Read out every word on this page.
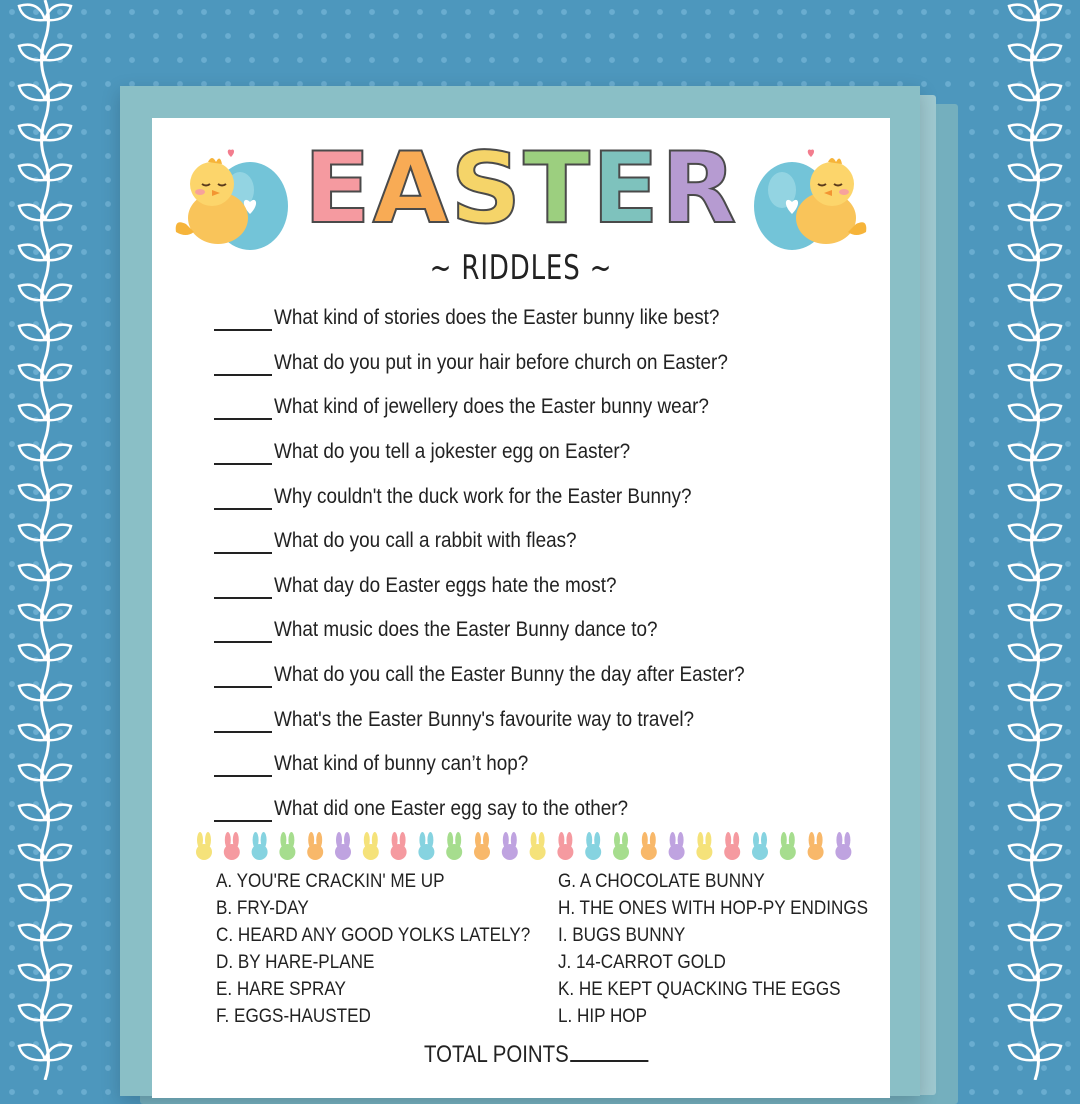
EASTER
~ RIDDLES ~
What kind of stories does the Easter bunny like best?
What do you put in your hair before church on Easter?
What kind of jewellery does the Easter bunny wear?
What do you tell a jokester egg on Easter?
Why couldn't the duck work for the Easter Bunny?
What do you call a rabbit with fleas?
What day do Easter eggs hate the most?
What music does the Easter Bunny dance to?
What do you call the Easter Bunny the day after Easter?
What's the Easter Bunny's favourite way to travel?
What kind of bunny can’t hop?
What did one Easter egg say to the other?
A. YOU'RE CRACKIN' ME UP
B. FRY-DAY
C. HEARD ANY GOOD YOLKS LATELY?
D. BY HARE-PLANE
E. HARE SPRAY
F. EGGS-HAUSTED
G. A CHOCOLATE BUNNY
H. THE ONES WITH HOP-PY ENDINGS
I. BUGS BUNNY
J. 14-CARROT GOLD
K. HE KEPT QUACKING THE EGGS
L. HIP HOP
TOTAL POINTS
